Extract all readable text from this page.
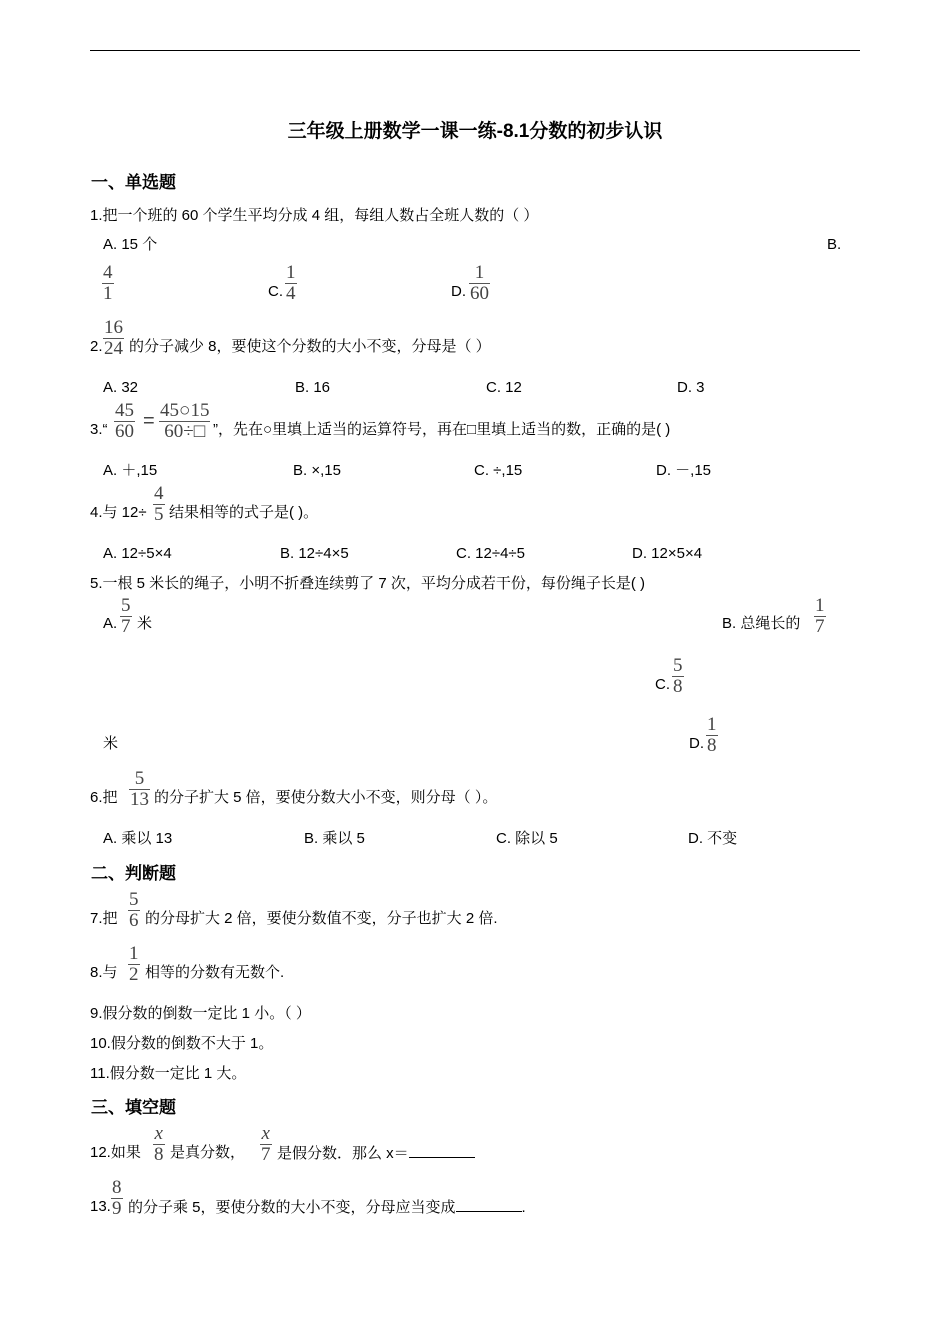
三年级上册数学一课一练-8.1分数的初步认识
一、单选题
1.把一个班的 60 个学生平均分成 4 组，每组人数占全班人数的（ ）
A. 15 个	B.
4
1	C.
1
4	D.
1
60
2.
16
24 的分子减少 8，要使这个分数的大小不变，分母是（ ）
A. 32	B. 16	C. 12	D. 3
3.“
45
60 = 45○15
60÷□ ”，先在○里填上适当的运算符号，再在□里填上适当的数，正确的是( )
A. ＋,15	B. ×,15	C. ÷,15	D. －,15
4.与 12÷
4
5 结果相等的式子是( )。
A. 12÷5×4	B. 12÷4×5	C. 12÷4÷5	D. 12×5×4
5.一根 5 米长的绳子，小明不折叠连续剪了 7 次，平均分成若干份，每份绳子长是( )
A.
5
7 米	B. 总绳长的
1
7
C.
5
8
米	D.
1
8
6.把
5
13 的分子扩大 5 倍，要使分数大小不变，则分母（ ）。
A. 乘以 13	B. 乘以 5	C. 除以 5	D. 不变
二、判断题
7.把
5
6 的分母扩大 2 倍，要使分数值不变，分子也扩大 2 倍.
8.与
1
2 相等的分数有无数个.
9.假分数的倒数一定比 1 小。（ ）
10.假分数的倒数不大于 1。
11.假分数一定比 1 大。
三、填空题
12.如果
x
8 是真分数，
x
7 是假分数．那么 x＝
13.
8
9 的分子乘 5，要使分数的大小不变，分母应当变成	.
